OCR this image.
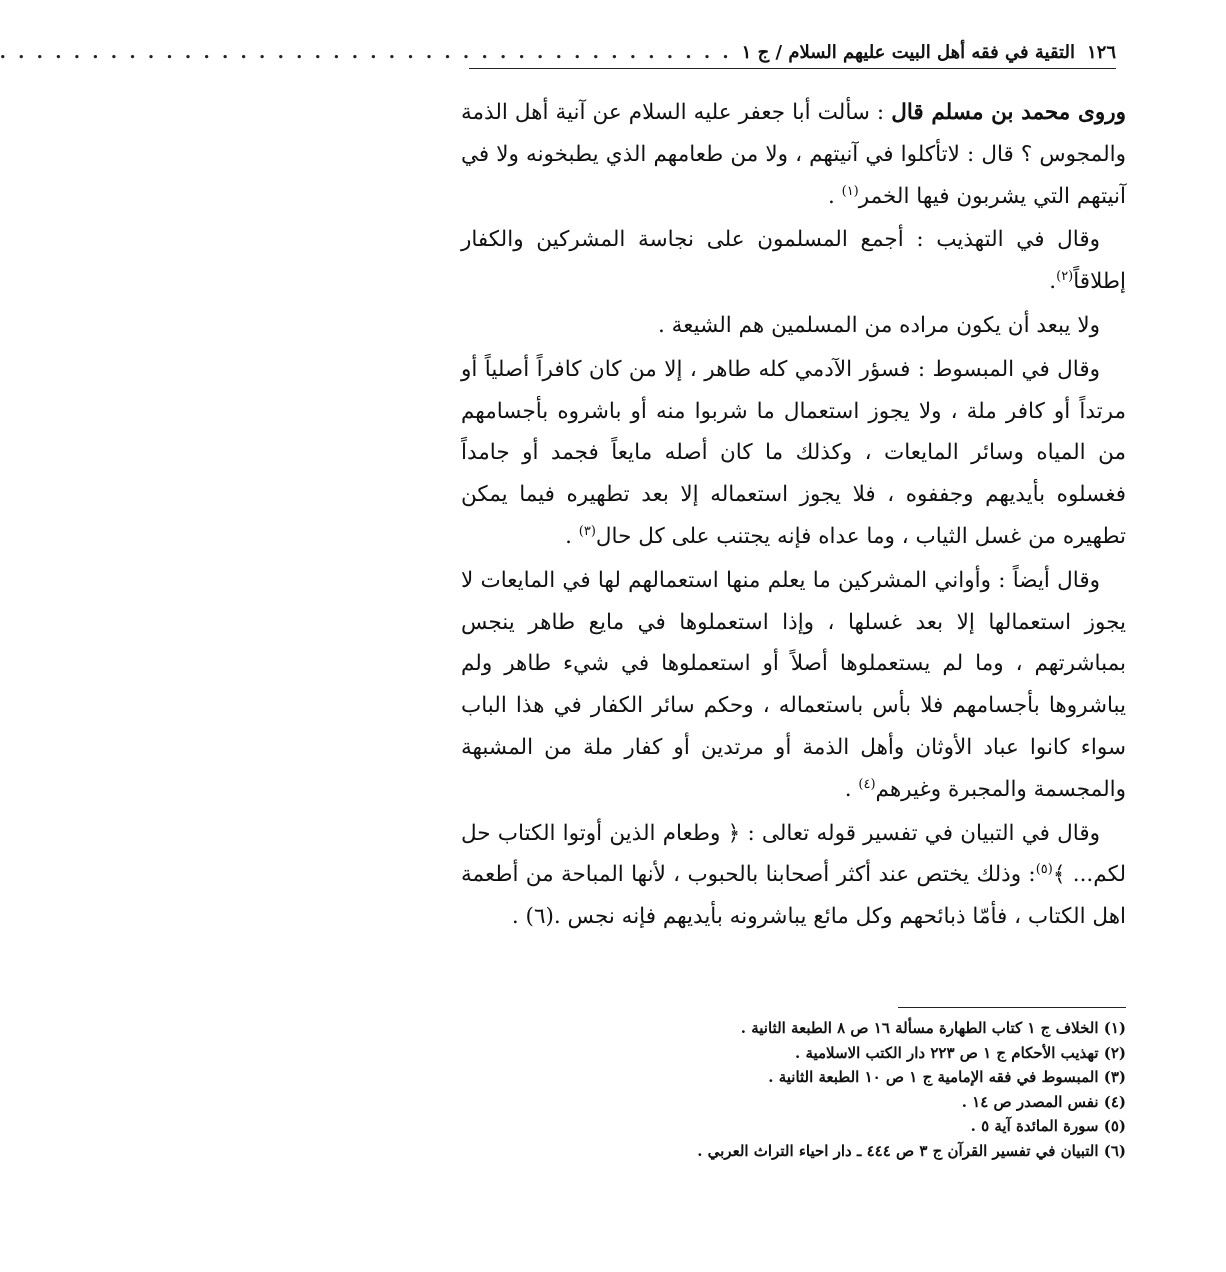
١٢٦
التقية في فقه أهل البيت عليهم السلام / ج ١
. . . . . . . . . . . . . . . . . . . . . . . . . . . . . . . . . . . . . . . .

وروى محمد بن مسلم قال : سألت أبا جعفر عليه السلام عن آنية أهل الذمة والمجوس ؟ قال : لاتأكلوا في آنيتهم ، ولا من طعامهم الذي يطبخونه ولا في آنيتهم التي يشربون فيها الخمر$^{(١)}$ .

وقال في التهذيب : أجمع المسلمون على نجاسة المشركين والكفار إطلاقاً$^{(٢)}$.

ولا يبعد أن يكون مراده من المسلمين هم الشيعة .

وقال في المبسوط : فسؤر الآدمي كله طاهر ، إلا من كان كافراً أصلياً أو مرتداً أو كافر ملة ، ولا يجوز استعمال ما شربوا منه أو باشروه بأجسامهم من المياه وسائر المايعات ، وكذلك ما كان أصله مايعاً فجمد أو جامداً فغسلوه بأيديهم وجففوه ، فلا يجوز استعماله إلا بعد تطهيره فيما يمكن تطهيره من غسل الثياب ، وما عداه فإنه يجتنب على كل حال$^{(٣)}$ .

وقال أيضاً : وأواني المشركين ما يعلم منها استعمالهم لها في المايعات لا يجوز استعمالها إلا بعد غسلها ، وإذا استعملوها في مايع طاهر ينجس بمباشرتهم ، وما لم يستعملوها أصلاً أو استعملوها في شيء طاهر ولم يباشروها بأجسامهم فلا بأس باستعماله ، وحكم سائر الكفار في هذا الباب سواء كانوا عباد الأوثان وأهل الذمة أو مرتدين أو كفار ملة من المشبهة والمجسمة والمجبرة وغيرهم$^{(٤)}$ .

وقال في التبيان في تفسير قوله تعالى : ﴿ وطعام الذين أوتوا الكتاب حل لكم... ﴾$^{(٥)}$: وذلك يختص عند أكثر أصحابنا بالحبوب ، لأنها المباحة من أطعمة اهل الكتاب ، فأمّا ذبائحهم وكل مائع يباشرونه بأيديهم فإنه نجس .(٦) .

(١) الخلاف ج ١ كتاب الطهارة مسألة ١٦ ص ٨ الطبعة الثانية .
(٢) تهذيب الأحكام ج ١ ص ٢٢٣ دار الكتب الاسلامية .
(٣) المبسوط في فقه الإمامية ج ١ ص ١٠ الطبعة الثانية .
(٤) نفس المصدر ص ١٤ .
(٥) سورة المائدة آية ٥ .
(٦) التبيان في تفسير القرآن ج ٣ ص ٤٤٤ ـ دار احياء التراث العربي .
